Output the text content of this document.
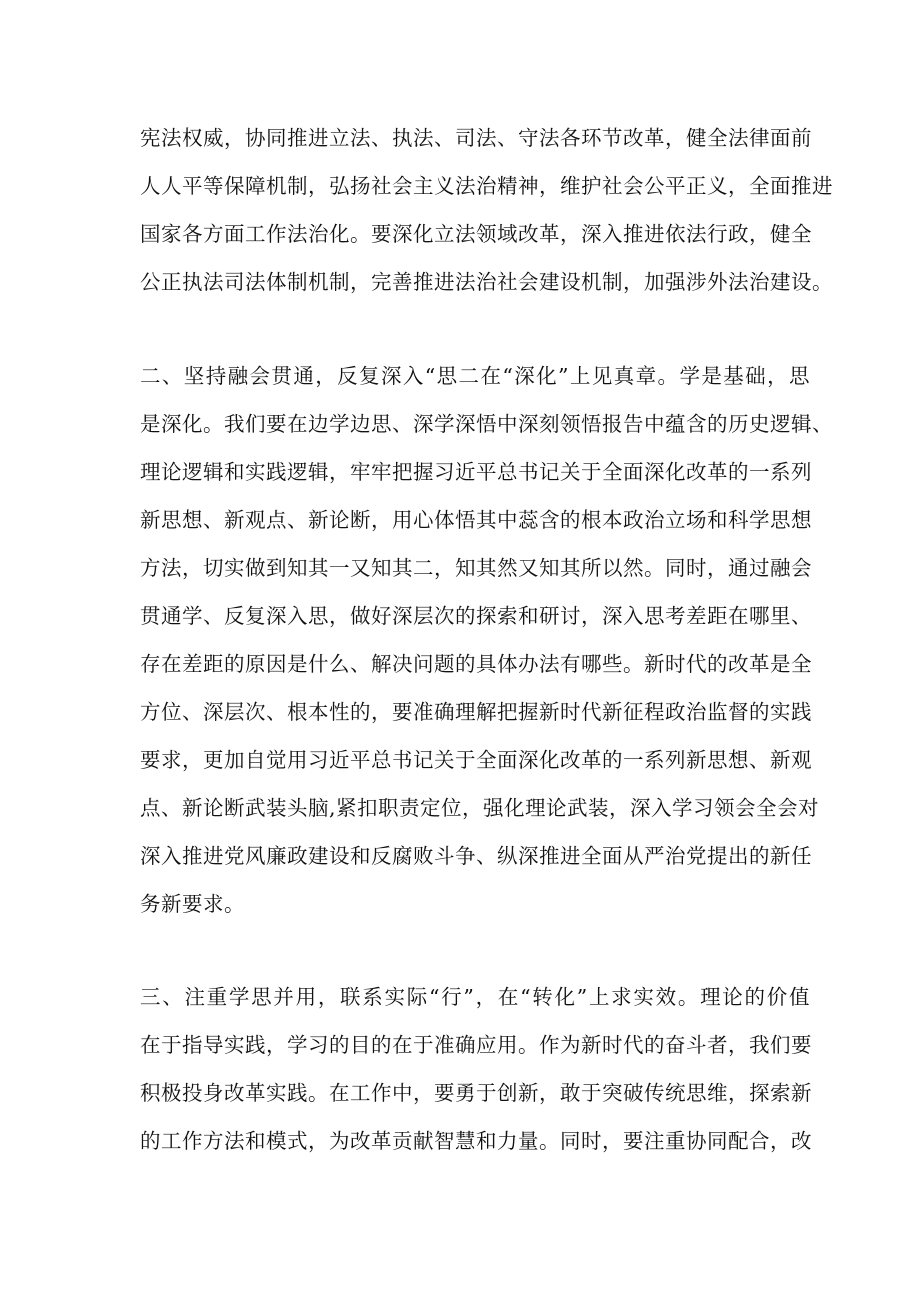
宪法权威，协同推进立法、执法、司法、守法各环节改革，健全法律面前
人人平等保障机制，弘扬社会主义法治精神，维护社会公平正义，全面推进
国家各方面工作法治化。要深化立法领域改革，深入推进依法行政，健全
公正执法司法体制机制，完善推进法治社会建设机制，加强涉外法治建设。
二、坚持融会贯通，反复深入“思二在“深化”上见真章。学是基础，思
是深化。我们要在边学边思、深学深悟中深刻领悟报告中蕴含的历史逻辑、
理论逻辑和实践逻辑，牢牢把握习近平总书记关于全面深化改革的一系列
新思想、新观点、新论断，用心体悟其中蕊含的根本政治立场和科学思想
方法，切实做到知其一又知其二，知其然又知其所以然。同时，通过融会
贯通学、反复深入思，做好深层次的探索和研讨，深入思考差距在哪里、
存在差距的原因是什么、解决问题的具体办法有哪些。新时代的改革是全
方位、深层次、根本性的，要准确理解把握新时代新征程政治监督的实践
要求，更加自觉用习近平总书记关于全面深化改革的一系列新思想、新观
点、新论断武装头脑,紧扣职责定位，强化理论武装，深入学习领会全会对
深入推进党风廉政建设和反腐败斗争、纵深推进全面从严治党提出的新任
务新要求。
三、注重学思并用，联系实际“行”，在“转化”上求实效。理论的价值
在于指导实践，学习的目的在于准确应用。作为新时代的奋斗者，我们要
积极投身改革实践。在工作中，要勇于创新，敢于突破传统思维，探索新
的工作方法和模式，为改革贡献智慧和力量。同时，要注重协同配合，改
